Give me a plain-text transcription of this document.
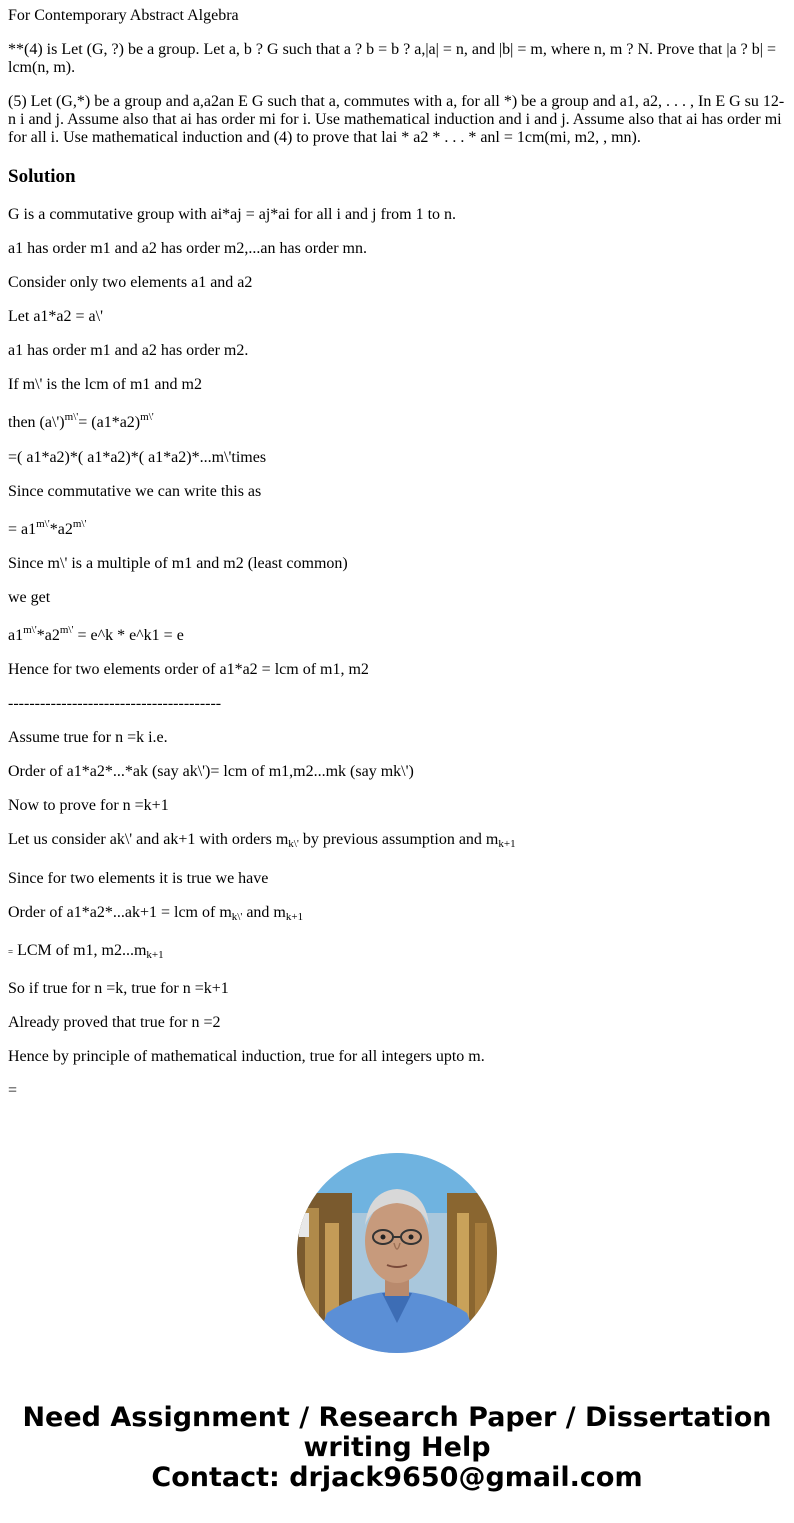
For Contemporary Abstract Algebra

**(4) is Let (G, ?) be a group. Let a, b ? G such that a ? b = b ? a,|a| = n, and |b| = m, where n, m ? N. Prove that |a ? b| = lcm(n, m).

(5) Let (G,*) be a group and a,a2an E G such that a, commutes with a, for all *) be a group and a1, a2, . . . , In E G su 12-n i and j. Assume also that ai has order mi for i. Use mathematical induction and i and j. Assume also that ai has order mi for all i. Use mathematical induction and (4) to prove that lai * a2 * . . . * anl = 1cm(mi, m2, , mn).

Solution

G is a commutative group with ai*aj = aj*ai for all i and j from 1 to n.

a1 has order m1 and a2 has order m2,...an has order mn.

Consider only two elements a1 and a2

Let a1*a2 = a\'

a1 has order m1 and a2 has order m2.

If m\' is the lcm of m1 and m2

then (a\')$^{m\backslash'}$= $(a1*a2)^{m\backslash'}$

=( a1*a2)*( a1*a2)*( a1*a2)*...m\'times

Since commutative we can write this as

= $a1^{m\backslash'}*a2^{m\backslash'}$

Since m\' is a multiple of m1 and m2 (least common)

we get

$a1^{m\backslash'}*a2^{m\backslash'}$ = e^k * e^k1 = e

Hence for two elements order of a1*a2 = lcm of m1, m2

----------------------------------------

Assume true for n =k i.e.

Order of a1*a2*...*ak (say ak\')= lcm of m1,m2...mk (say mk\')

Now to prove for n =k+1

Let us consider ak\' and ak+1 with orders $m_{k\backslash'}$ by previous assumption and $m_{k+1}$

Since for two elements it is true we have

Order of a1*a2*...ak+1 = lcm of $m_{k\backslash'}$ and $m_{k+1}$

= LCM of m1, $m2...m_{k+1}$

So if true for n =k, true for n =k+1

Already proved that true for n =2

Hence by principle of mathematical induction, true for all integers upto m.

=

Need Assignment / Research Paper / Dissertation
writing Help
Contact: drjack9650@gmail.com
